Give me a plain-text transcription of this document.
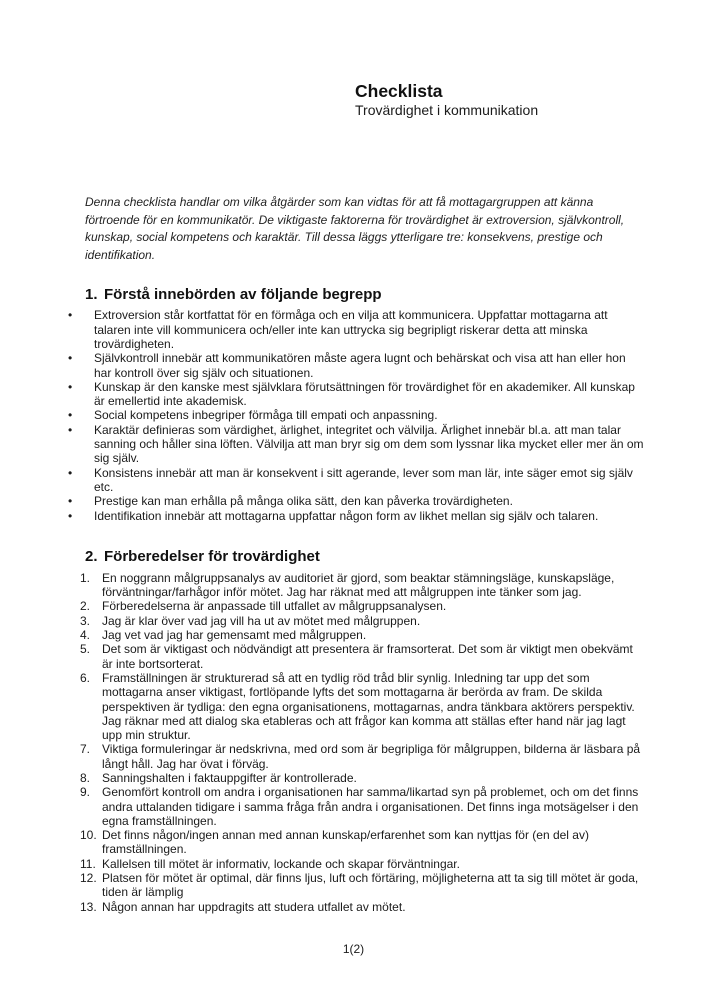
Checklista
Trovärdighet i kommunikation

Denna checklista handlar om vilka åtgärder som kan vidtas för att få mottagargruppen att känna förtroende för en kommunikatör. De viktigaste faktorerna för trovärdighet är extroversion, självkontroll, kunskap, social kompetens och karaktär. Till dessa läggs ytterligare tre: konsekvens, prestige och identifikation.

1. Förstå innebörden av följande begrepp
• Extroversion står kortfattat för en förmåga och en vilja att kommunicera. Uppfattar mottagarna att talaren inte vill kommunicera och/eller inte kan uttrycka sig begripligt riskerar detta att minska trovärdigheten.
• Självkontroll innebär att kommunikatören måste agera lugnt och behärskat och visa att han eller hon har kontroll över sig själv och situationen.
• Kunskap är den kanske mest självklara förutsättningen för trovärdighet för en akademiker. All kunskap är emellertid inte akademisk.
• Social kompetens inbegriper förmåga till empati och anpassning.
• Karaktär definieras som värdighet, ärlighet, integritet och välvilja. Ärlighet innebär bl.a. att man talar sanning och håller sina löften. Välvilja att man bryr sig om dem som lyssnar lika mycket eller mer än om sig själv.
• Konsistens innebär att man är konsekvent i sitt agerande, lever som man lär, inte säger emot sig själv etc.
• Prestige kan man erhålla på många olika sätt, den kan påverka trovärdigheten.
• Identifikation innebär att mottagarna uppfattar någon form av likhet mellan sig själv och talaren.
2. Förberedelser för trovärdighet
1. En noggrann målgruppsanalys av auditoriet är gjord, som beaktar stämningsläge, kunskapsläge, förväntningar/farhågor inför mötet. Jag har räknat med att målgruppen inte tänker som jag.
2. Förberedelserna är anpassade till utfallet av målgruppsanalysen.
3. Jag är klar över vad jag vill ha ut av mötet med målgruppen.
4. Jag vet vad jag har gemensamt med målgruppen.
5. Det som är viktigast och nödvändigt att presentera är framsorterat. Det som är viktigt men obekvämt är inte bortsorterat.
6. Framställningen är strukturerad så att en tydlig röd tråd blir synlig. Inledning tar upp det som mottagarna anser viktigast, fortlöpande lyfts det som mottagarna är berörda av fram. De skilda perspektiven är tydliga: den egna organisationens, mottagarnas, andra tänkbara aktörers perspektiv. Jag räknar med att dialog ska etableras och att frågor kan komma att ställas efter hand när jag lagt upp min struktur.
7. Viktiga formuleringar är nedskrivna, med ord som är begripliga för målgruppen, bilderna är läsbara på långt håll. Jag har övat i förväg.
8. Sanningshalten i faktauppgifter är kontrollerade.
9. Genomfört kontroll om andra i organisationen har samma/likartad syn på problemet, och om det finns andra uttalanden tidigare i samma fråga från andra i organisationen. Det finns inga motsägelser i den egna framställningen.
10. Det finns någon/ingen annan med annan kunskap/erfarenhet som kan nyttjas för (en del av) framställningen.
11. Kallelsen till mötet är informativ, lockande och skapar förväntningar.
12. Platsen för mötet är optimal, där finns ljus, luft och förtäring, möjligheterna att ta sig till mötet är goda, tiden är lämplig
13. Någon annan har uppdragits att studera utfallet av mötet.
1(2)
